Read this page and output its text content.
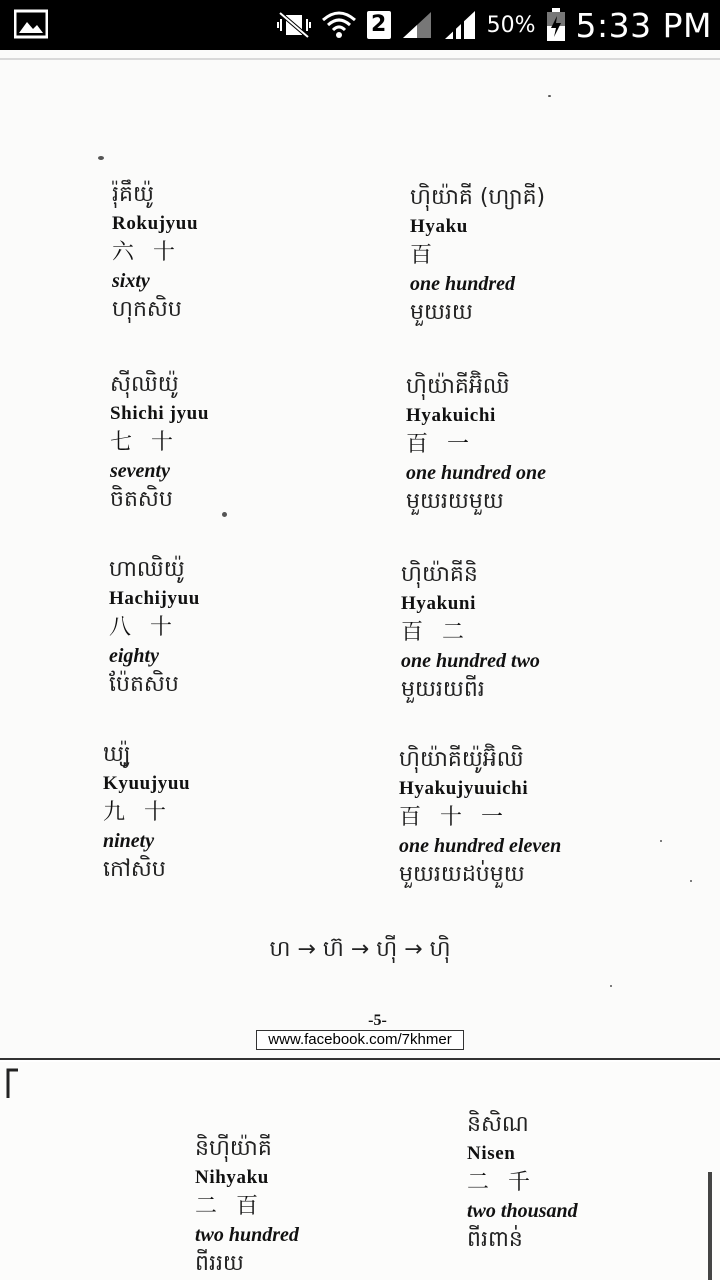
2	50% 5:33 PM
រ៉ុគឹយ៉ូ
Rokujyuu
六 十
sixty
ហុកសិប
ស៊ីឈិយ៉ូ
Shichi jyuu
七 十
seventy
ចិតសិប
ហាឈិយ៉ូ
Hachijyuu
八 十
eighty
ប៉ែតសិប
ឃ្យ៉ូ
Kyuujyuu
九 十
ninety
កៅសិប
ហ៊ិយ៉ាគី (ហ្យាគី)
Hyaku
百
one hundred
មួយរយ
ហ៊ិយ៉ាគីអ៊ិឈិ
Hyakuichi
百 一
one hundred one
មួយរយមួយ
ហ៊ិយ៉ាគីនិ
Hyakuni
百 二
one hundred two
មួយរយពីរ
ហ៊ិយ៉ាគីយ៉ូអ៊ិឈិ
Hyakujyuuichi
百 十 一
one hundred eleven
មួយរយដប់មួយ
ហ → ហ៊ → ហ៊ី → ហ៊ិ
-5-
www.facebook.com/7khmer
និហ៊ីយ៉ាគី
Nihyaku
二 百
two hundred
ពីររយ
និសិណ
Nisen
二 千
two thousand
ពីរពាន់
